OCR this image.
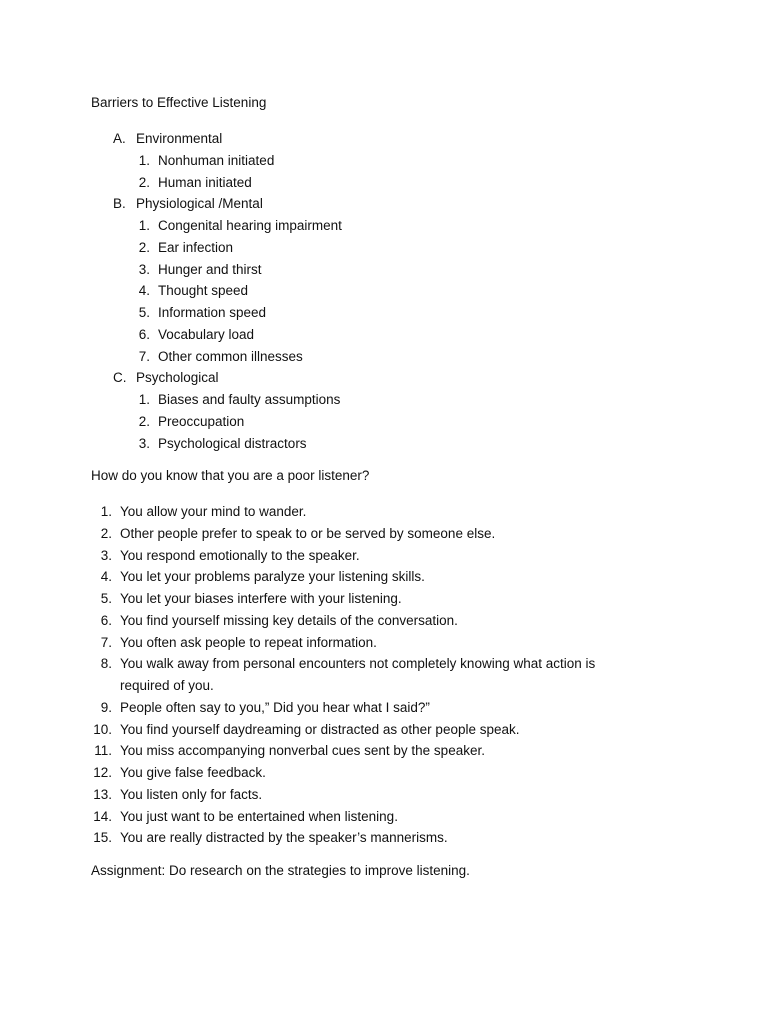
Barriers to Effective Listening
A. Environmental
1. Nonhuman initiated
2. Human initiated
B. Physiological /Mental
1. Congenital hearing impairment
2. Ear infection
3. Hunger and thirst
4. Thought speed
5. Information speed
6. Vocabulary load
7. Other common illnesses
C. Psychological
1. Biases and faulty assumptions
2. Preoccupation
3. Psychological distractors
How do you know that you are a poor listener?
1. You allow your mind to wander.
2. Other people prefer to speak to or be served by someone else.
3. You respond emotionally to the speaker.
4. You let your problems paralyze your listening skills.
5. You let your biases interfere with your listening.
6. You find yourself missing key details of the conversation.
7. You often ask people to repeat information.
8. You walk away from personal encounters not completely knowing what action is required of you.
9. People often say to you,” Did you hear what I said?”
10. You find yourself daydreaming or distracted as other people speak.
11. You miss accompanying nonverbal cues sent by the speaker.
12. You give false feedback.
13. You listen only for facts.
14. You just want to be entertained when listening.
15. You are really distracted by the speaker’s mannerisms.
Assignment: Do research on the strategies to improve listening.
